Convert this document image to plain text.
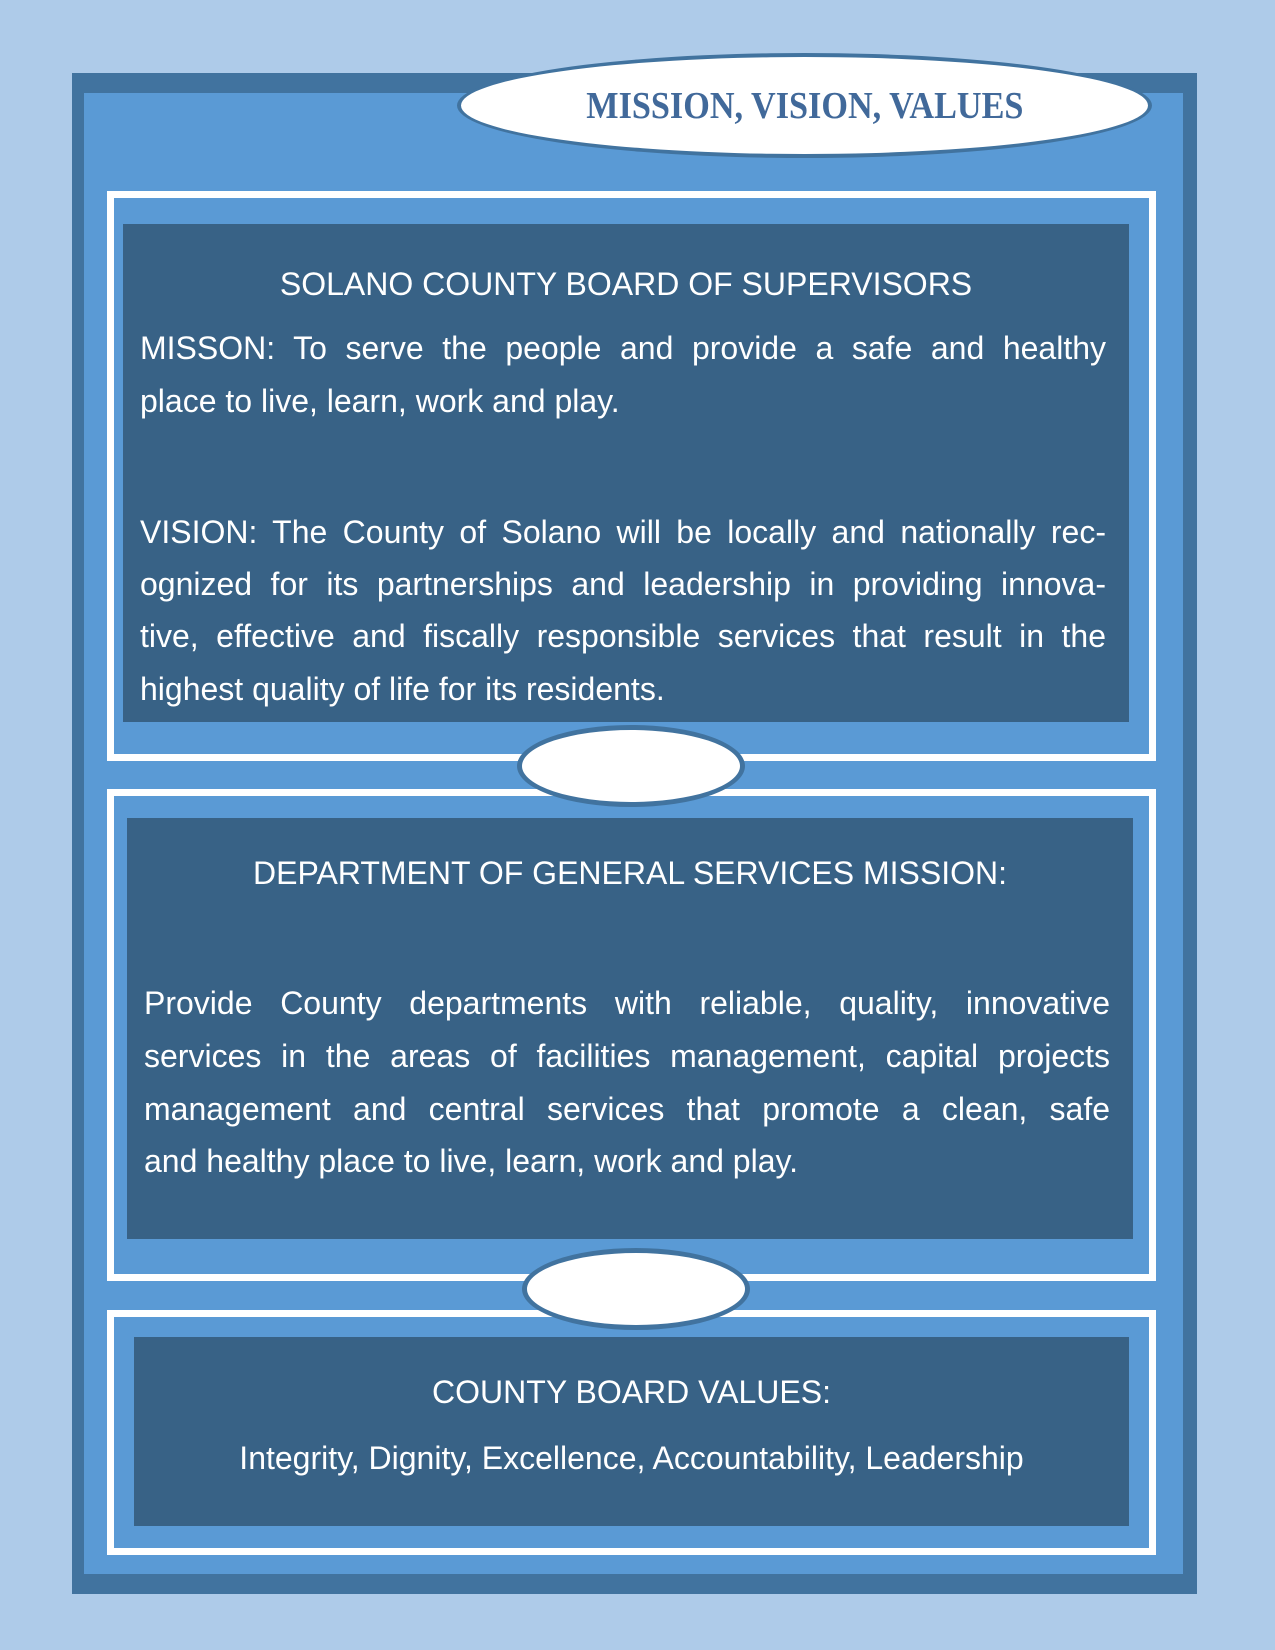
MISSION, VISION, VALUES
SOLANO COUNTY BOARD OF SUPERVISORS
MISSON: To serve the people and provide a safe and healthy
place to live, learn, work and play.
VISION: The County of Solano will be locally and nationally rec-
ognized for its partnerships and leadership in providing innova-
tive, effective and fiscally responsible services that result in the
highest quality of life for its residents.
DEPARTMENT OF GENERAL SERVICES MISSION:
Provide County departments with reliable, quality, innovative
services in the areas of facilities management, capital projects
management and central services that promote a clean, safe
and healthy place to live, learn, work and play.
COUNTY BOARD VALUES:
Integrity, Dignity, Excellence, Accountability, Leadership
